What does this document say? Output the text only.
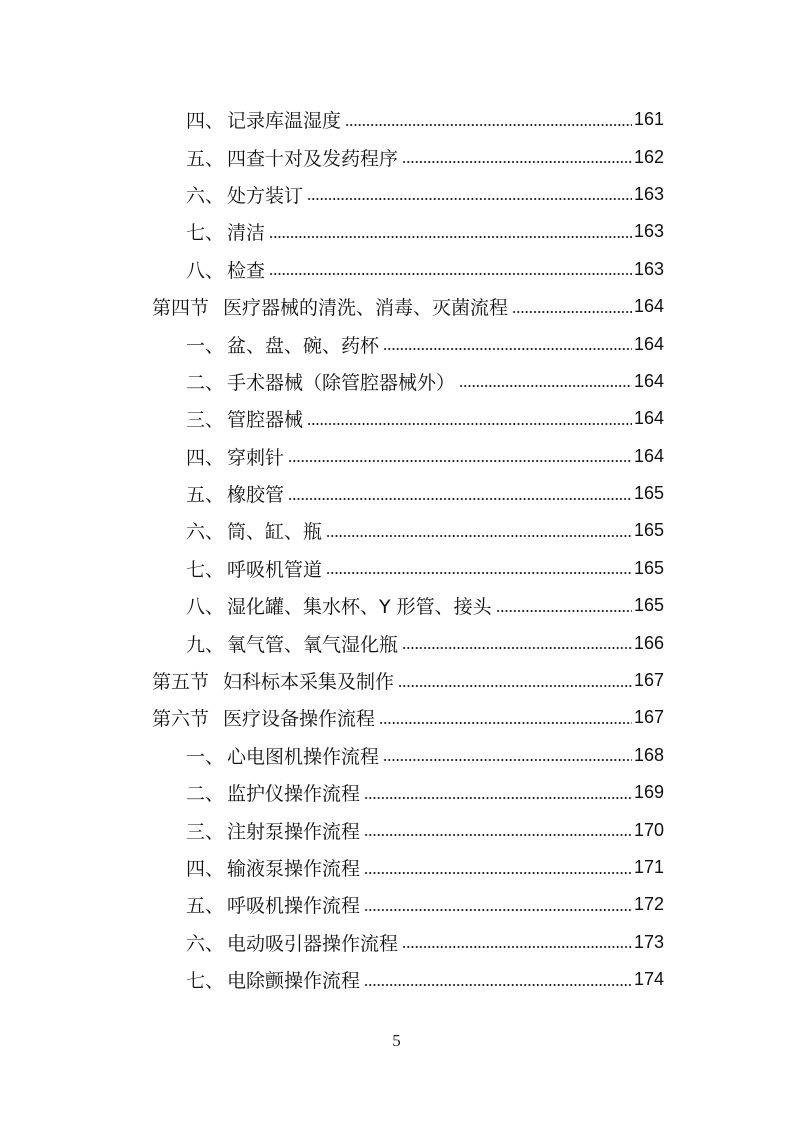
四、 记录库温湿度	161
五、 四查十对及发药程序	162
六、 处方装订	163
七、 清洁	163
八、 检查	163
第四节 医疗器械的清洗、消毒、灭菌流程	164
一、 盆、盘、碗、药杯	164
二、 手术器械（除管腔器械外）	164
三、 管腔器械	164
四、 穿刺针	164
五、 橡胶管	165
六、 筒、缸、瓶	165
七、 呼吸机管道	165
八、 湿化罐、集水杯、Y 形管、接头	165
九、 氧气管、氧气湿化瓶	166
第五节 妇科标本采集及制作	167
第六节 医疗设备操作流程	167
一、 心电图机操作流程	168
二、 监护仪操作流程	169
三、 注射泵操作流程	170
四、 输液泵操作流程	171
五、 呼吸机操作流程	172
六、 电动吸引器操作流程	173
七、 电除颤操作流程	174
5
